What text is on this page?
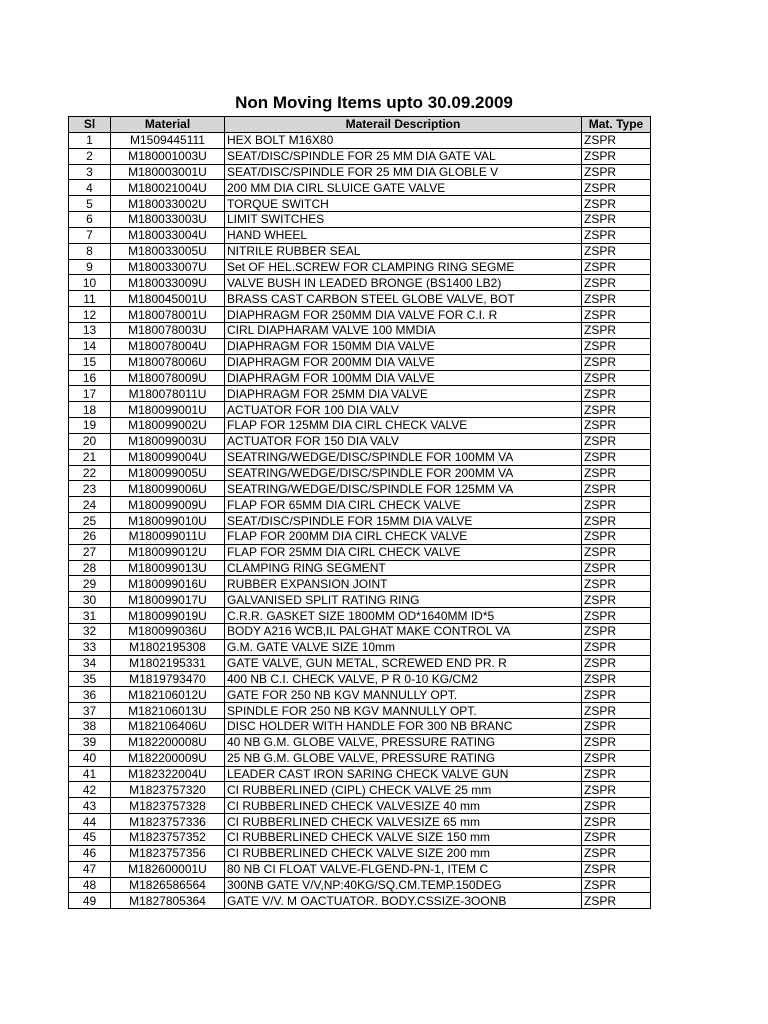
Non Moving Items upto 30.09.2009
Sl	Material	Materail Description	Mat. Type
1	M1509445111	HEX BOLT M16X80	ZSPR
2	M180001003U	SEAT/DISC/SPINDLE FOR 25 MM DIA GATE VAL	ZSPR
3	M180003001U	SEAT/DISC/SPINDLE FOR 25 MM DIA GLOBLE V	ZSPR
4	M180021004U	200 MM DIA CIRL SLUICE GATE VALVE	ZSPR
5	M180033002U	TORQUE SWITCH	ZSPR
6	M180033003U	LIMIT SWITCHES	ZSPR
7	M180033004U	HAND WHEEL	ZSPR
8	M180033005U	NITRILE RUBBER SEAL	ZSPR
9	M180033007U	Set OF HEL.SCREW FOR CLAMPING RING SEGME	ZSPR
10	M180033009U	VALVE BUSH IN LEADED BRONGE (BS1400 LB2)	ZSPR
11	M180045001U	BRASS CAST CARBON STEEL GLOBE VALVE, BOT	ZSPR
12	M180078001U	DIAPHRAGM FOR 250MM DIA VALVE FOR C.I. R	ZSPR
13	M180078003U	CIRL DIAPHARAM VALVE 100 MMDIA	ZSPR
14	M180078004U	DIAPHRAGM FOR 150MM DIA VALVE	ZSPR
15	M180078006U	DIAPHRAGM FOR 200MM DIA VALVE	ZSPR
16	M180078009U	DIAPHRAGM FOR 100MM DIA VALVE	ZSPR
17	M180078011U	DIAPHRAGM FOR 25MM DIA VALVE	ZSPR
18	M180099001U	ACTUATOR FOR 100 DIA VALV	ZSPR
19	M180099002U	FLAP FOR 125MM DIA CIRL CHECK VALVE	ZSPR
20	M180099003U	ACTUATOR FOR 150 DIA VALV	ZSPR
21	M180099004U	SEATRING/WEDGE/DISC/SPINDLE FOR 100MM VA	ZSPR
22	M180099005U	SEATRING/WEDGE/DISC/SPINDLE FOR 200MM VA	ZSPR
23	M180099006U	SEATRING/WEDGE/DISC/SPINDLE FOR 125MM VA	ZSPR
24	M180099009U	FLAP FOR 65MM DIA CIRL CHECK VALVE	ZSPR
25	M180099010U	SEAT/DISC/SPINDLE FOR 15MM DIA VALVE	ZSPR
26	M180099011U	FLAP FOR 200MM DIA CIRL CHECK VALVE	ZSPR
27	M180099012U	FLAP FOR 25MM DIA CIRL CHECK VALVE	ZSPR
28	M180099013U	CLAMPING RING SEGMENT	ZSPR
29	M180099016U	RUBBER EXPANSION JOINT	ZSPR
30	M180099017U	GALVANISED SPLIT RATING RING	ZSPR
31	M180099019U	C.R.R. GASKET SIZE 1800MM OD*1640MM ID*5	ZSPR
32	M180099036U	BODY A216 WCB,IL PALGHAT MAKE CONTROL VA	ZSPR
33	M1802195308	G.M. GATE VALVE SIZE 10mm	ZSPR
34	M1802195331	GATE VALVE, GUN METAL, SCREWED END PR. R	ZSPR
35	M1819793470	400 NB C.I. CHECK VALVE, P R 0-10 KG/CM2	ZSPR
36	M182106012U	GATE FOR 250 NB KGV MANNULLY OPT.	ZSPR
37	M182106013U	SPINDLE FOR 250 NB KGV MANNULLY OPT.	ZSPR
38	M182106406U	DISC HOLDER WITH HANDLE FOR 300 NB BRANC	ZSPR
39	M182200008U	40 NB G.M. GLOBE VALVE, PRESSURE RATING	ZSPR
40	M182200009U	25 NB G.M. GLOBE VALVE, PRESSURE RATING	ZSPR
41	M182322004U	LEADER CAST IRON SARING CHECK VALVE GUN	ZSPR
42	M1823757320	CI RUBBERLINED (CIPL) CHECK VALVE 25 mm	ZSPR
43	M1823757328	CI RUBBERLINED CHECK VALVESIZE 40 mm	ZSPR
44	M1823757336	CI RUBBERLINED CHECK VALVESIZE 65 mm	ZSPR
45	M1823757352	CI RUBBERLINED CHECK VALVE SIZE 150 mm	ZSPR
46	M1823757356	CI RUBBERLINED CHECK VALVE SIZE 200 mm	ZSPR
47	M182600001U	80 NB CI FLOAT VALVE-FLGEND-PN-1, ITEM C	ZSPR
48	M1826586564	300NB GATE V/V,NP:40KG/SQ.CM.TEMP.150DEG	ZSPR
49	M1827805364	GATE V/V. M OACTUATOR. BODY.CSSIZE-3OONB	ZSPR
